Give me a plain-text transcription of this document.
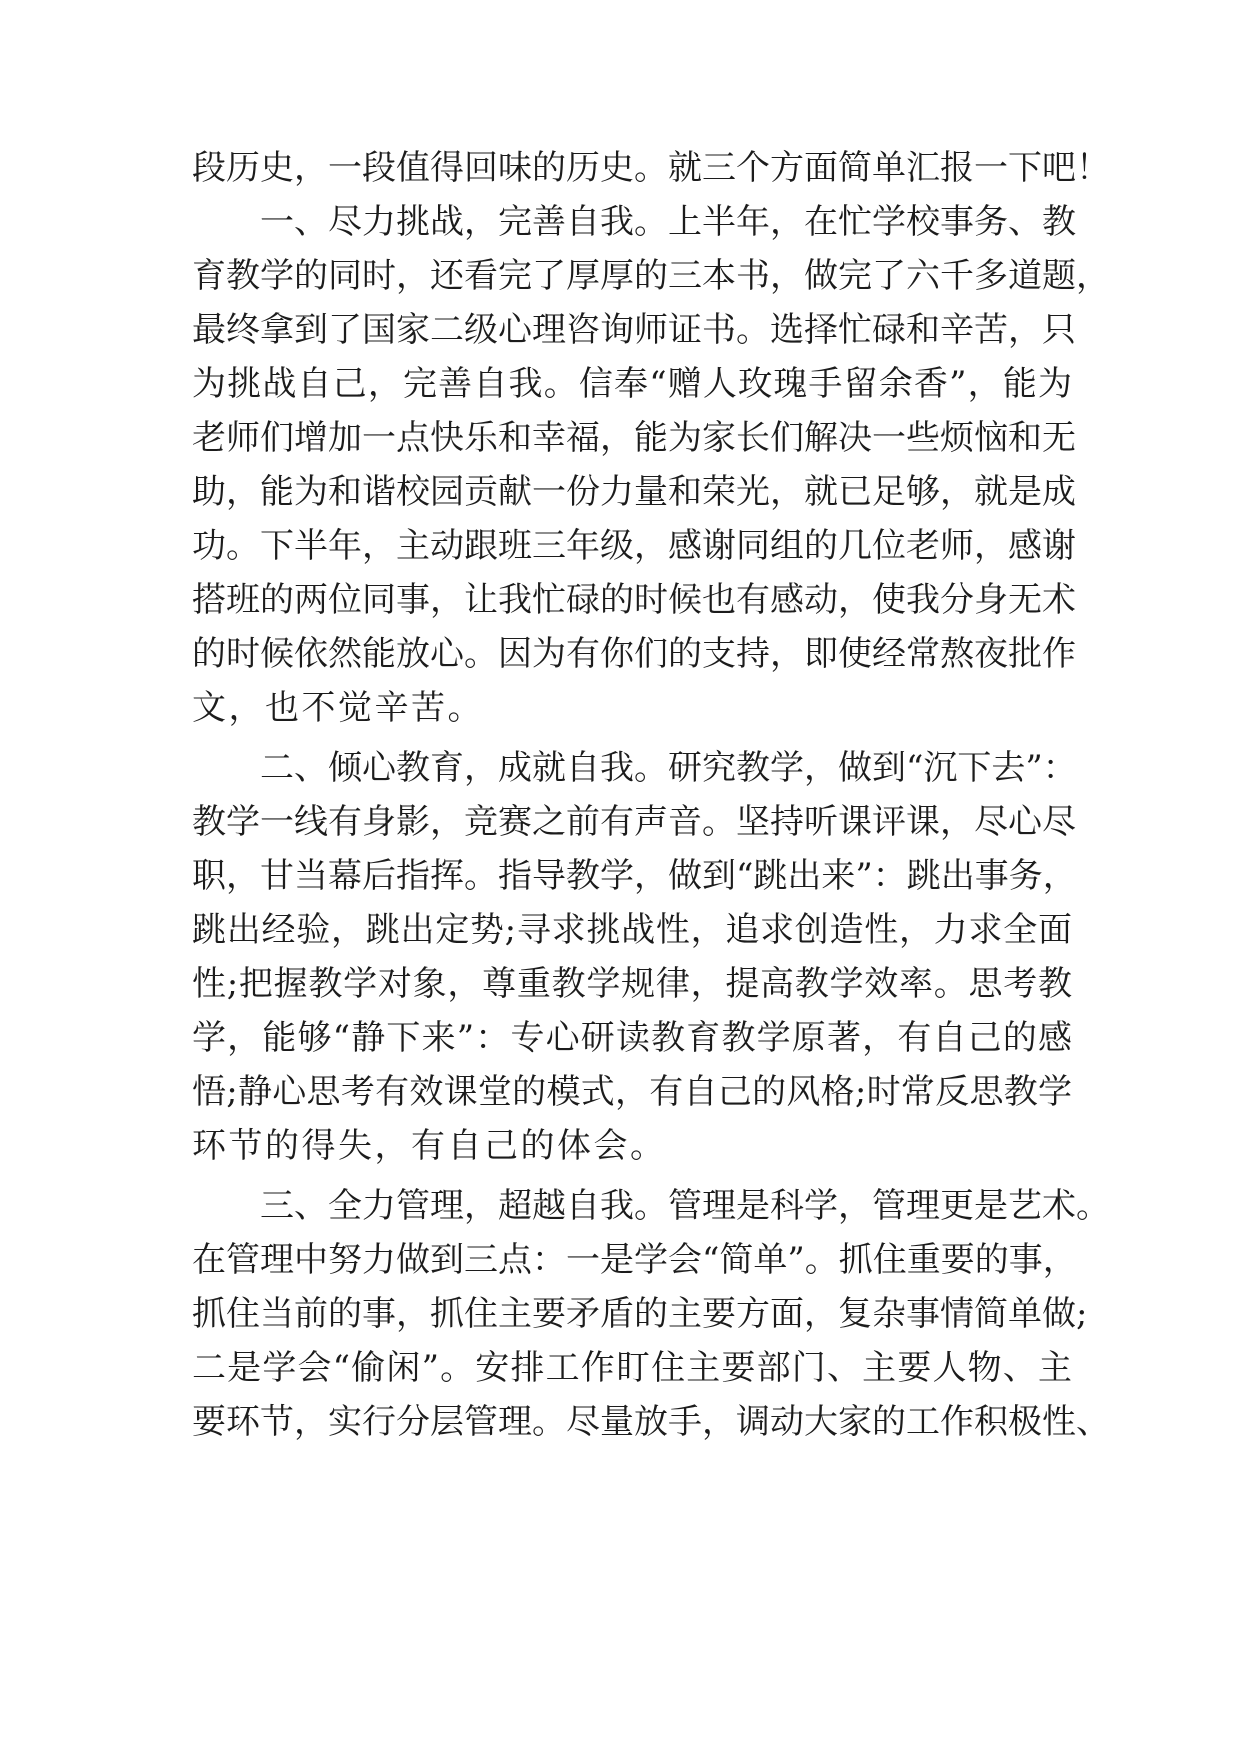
段历史，一段值得回味的历史。就三个方面简单汇报一下吧！
一、尽力挑战，完善自我。上半年，在忙学校事务、教
育教学的同时，还看完了厚厚的三本书，做完了六千多道题，
最终拿到了国家二级心理咨询师证书。选择忙碌和辛苦，只
为挑战自己，完善自我。信奉“赠人玫瑰手留余香”，能为
老师们增加一点快乐和幸福，能为家长们解决一些烦恼和无
助，能为和谐校园贡献一份力量和荣光，就已足够，就是成
功。下半年，主动跟班三年级，感谢同组的几位老师，感谢
搭班的两位同事，让我忙碌的时候也有感动，使我分身无术
的时候依然能放心。因为有你们的支持，即使经常熬夜批作
文，也不觉辛苦。
二、倾心教育，成就自我。研究教学，做到“沉下去”：
教学一线有身影，竞赛之前有声音。坚持听课评课，尽心尽
职，甘当幕后指挥。指导教学，做到“跳出来”：跳出事务，
跳出经验，跳出定势;寻求挑战性，追求创造性，力求全面
性;把握教学对象，尊重教学规律，提高教学效率。思考教
学，能够“静下来”：专心研读教育教学原著，有自己的感
悟;静心思考有效课堂的模式，有自己的风格;时常反思教学
环节的得失，有自己的体会。
三、全力管理，超越自我。管理是科学，管理更是艺术。
在管理中努力做到三点：一是学会“简单”。抓住重要的事，
抓住当前的事，抓住主要矛盾的主要方面，复杂事情简单做;
二是学会“偷闲”。安排工作盯住主要部门、主要人物、主
要环节，实行分层管理。尽量放手，调动大家的工作积极性、
